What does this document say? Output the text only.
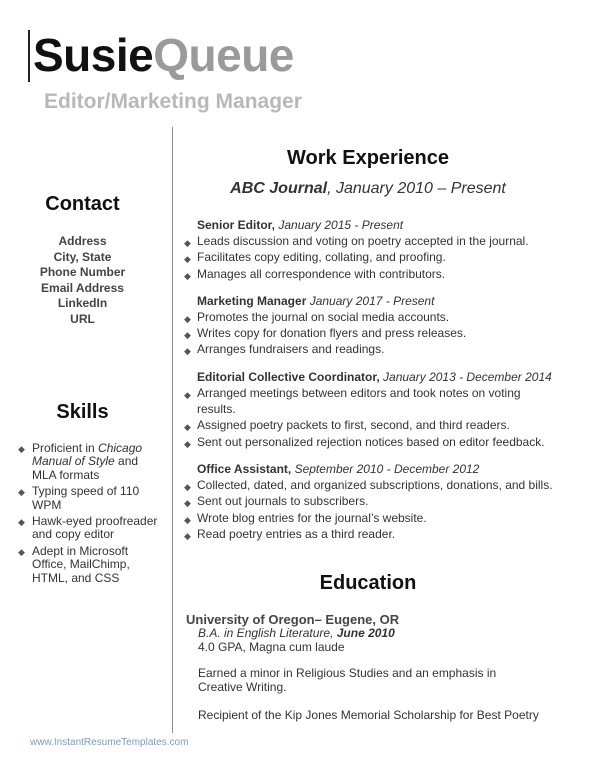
SusieQueue
Editor/Marketing Manager
Contact
Address
City, State
Phone Number
Email Address
LinkedIn
URL
Skills
◆ Proficient in Chicago Manual of Style and MLA formats
◆ Typing speed of 110 WPM
◆ Hawk-eyed proofreader and copy editor
◆ Adept in Microsoft Office, MailChimp, HTML, and CSS
Work Experience
ABC Journal, January 2010 – Present
Senior Editor, January 2015 - Present
◆ Leads discussion and voting on poetry accepted in the journal.
◆ Facilitates copy editing, collating, and proofing.
◆ Manages all correspondence with contributors.
Marketing Manager January 2017 - Present
◆ Promotes the journal on social media accounts.
◆ Writes copy for donation flyers and press releases.
◆ Arranges fundraisers and readings.
Editorial Collective Coordinator, January 2013 - December 2014
◆ Arranged meetings between editors and took notes on voting results.
◆ Assigned poetry packets to first, second, and third readers.
◆ Sent out personalized rejection notices based on editor feedback.
Office Assistant, September 2010 - December 2012
◆ Collected, dated, and organized subscriptions, donations, and bills.
◆ Sent out journals to subscribers.
◆ Wrote blog entries for the journal’s website.
◆ Read poetry entries as a third reader.
Education
University of Oregon– Eugene, OR
B.A. in English Literature, June 2010
4.0 GPA, Magna cum laude
Earned a minor in Religious Studies and an emphasis in Creative Writing.
Recipient of the Kip Jones Memorial Scholarship for Best Poetry
www.InstantResumeTemplates.com
